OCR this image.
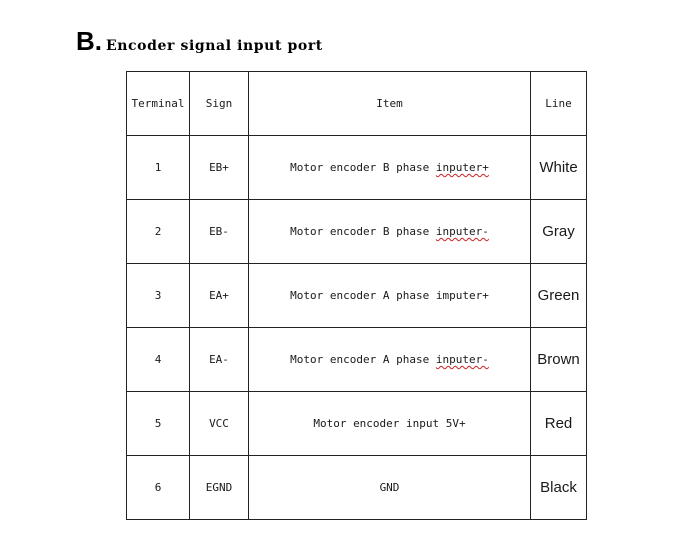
B. Encoder signal input port
Terminal	Sign	Item	Line
1	EB+	Motor encoder B phase inputer+	White
2	EB-	Motor encoder B phase inputer-	Gray
3	EA+	Motor encoder A phase imputer+	Green
4	EA-	Motor encoder A phase inputer-	Brown
5	VCC	Motor encoder input 5V+	Red
6	EGND	GND	Black
